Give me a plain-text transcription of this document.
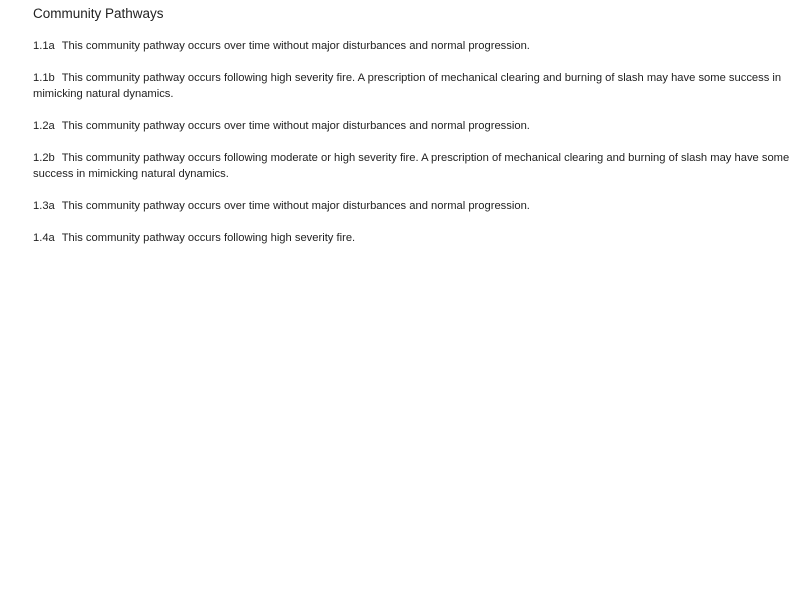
Community Pathways

1.1a This community pathway occurs over time without major disturbances and normal progression.

1.1b This community pathway occurs following high severity fire. A prescription of mechanical clearing and burning of slash may have some success in mimicking natural dynamics.

1.2a This community pathway occurs over time without major disturbances and normal progression.

1.2b This community pathway occurs following moderate or high severity fire. A prescription of mechanical clearing and burning of slash may have some success in mimicking natural dynamics.

1.3a This community pathway occurs over time without major disturbances and normal progression.

1.4a This community pathway occurs following high severity fire.
